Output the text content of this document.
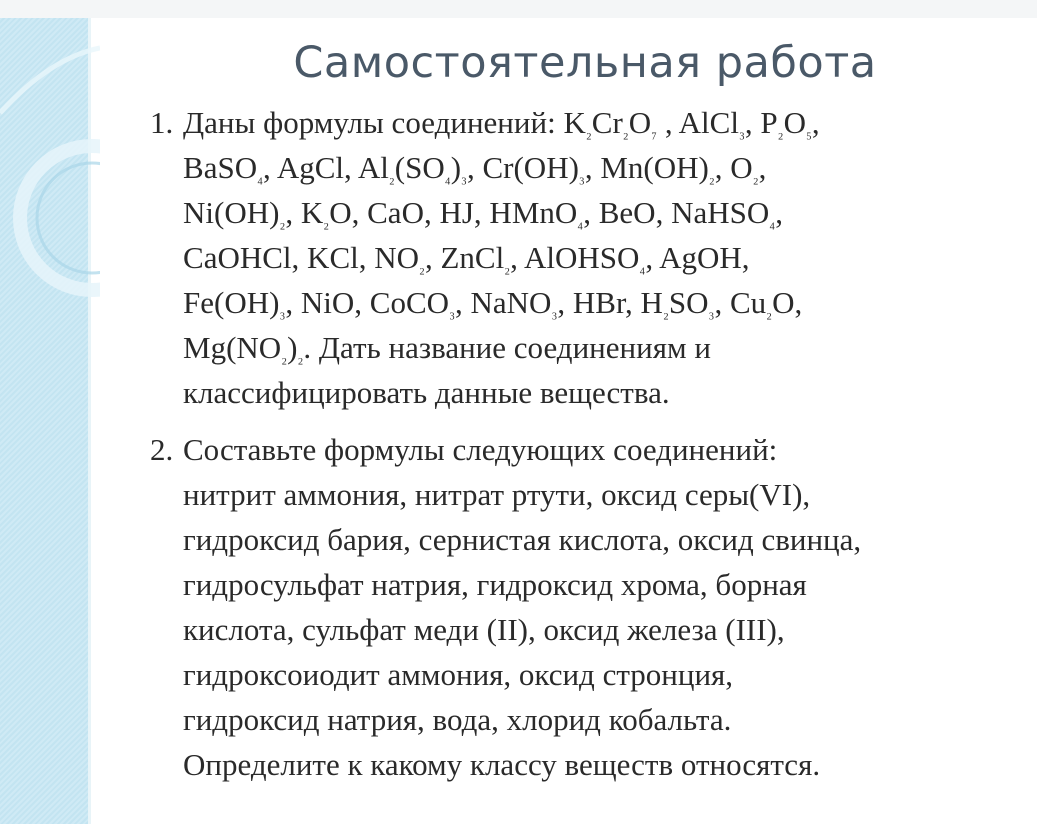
Самостоятельная работа
1. Даны формулы соединений: K₂Cr₂O₇ , AlCl₃, P₂O₅,
BaSO₄, AgCl, Al₂(SO₄)₃, Cr(OH)₃, Mn(OH)₂, O₂,
Ni(OH)₂, K₂O, CaO, HJ, HMnO₄, BeO, NaHSO₄,
CaOHCl, KCl, NO₂, ZnCl₂, AlOHSO₄, AgOH,
Fe(OH)₃, NiO, CoCO₃, NaNO₃, HBr, H₂SO₃, Cu₂O,
Mg(NO₂)₂. Дать название соединениям и
классифицировать данные вещества.
2. Составьте формулы следующих соединений:
нитрит аммония, нитрат ртути, оксид серы(VI),
гидроксид бария, сернистая кислота, оксид свинца,
гидросульфат натрия, гидроксид хрома, борная
кислота, сульфат меди (II), оксид железа (III),
гидроксоиодит аммония, оксид стронция,
гидроксид натрия, вода, хлорид кобальта.
Определите к какому классу веществ относятся.
